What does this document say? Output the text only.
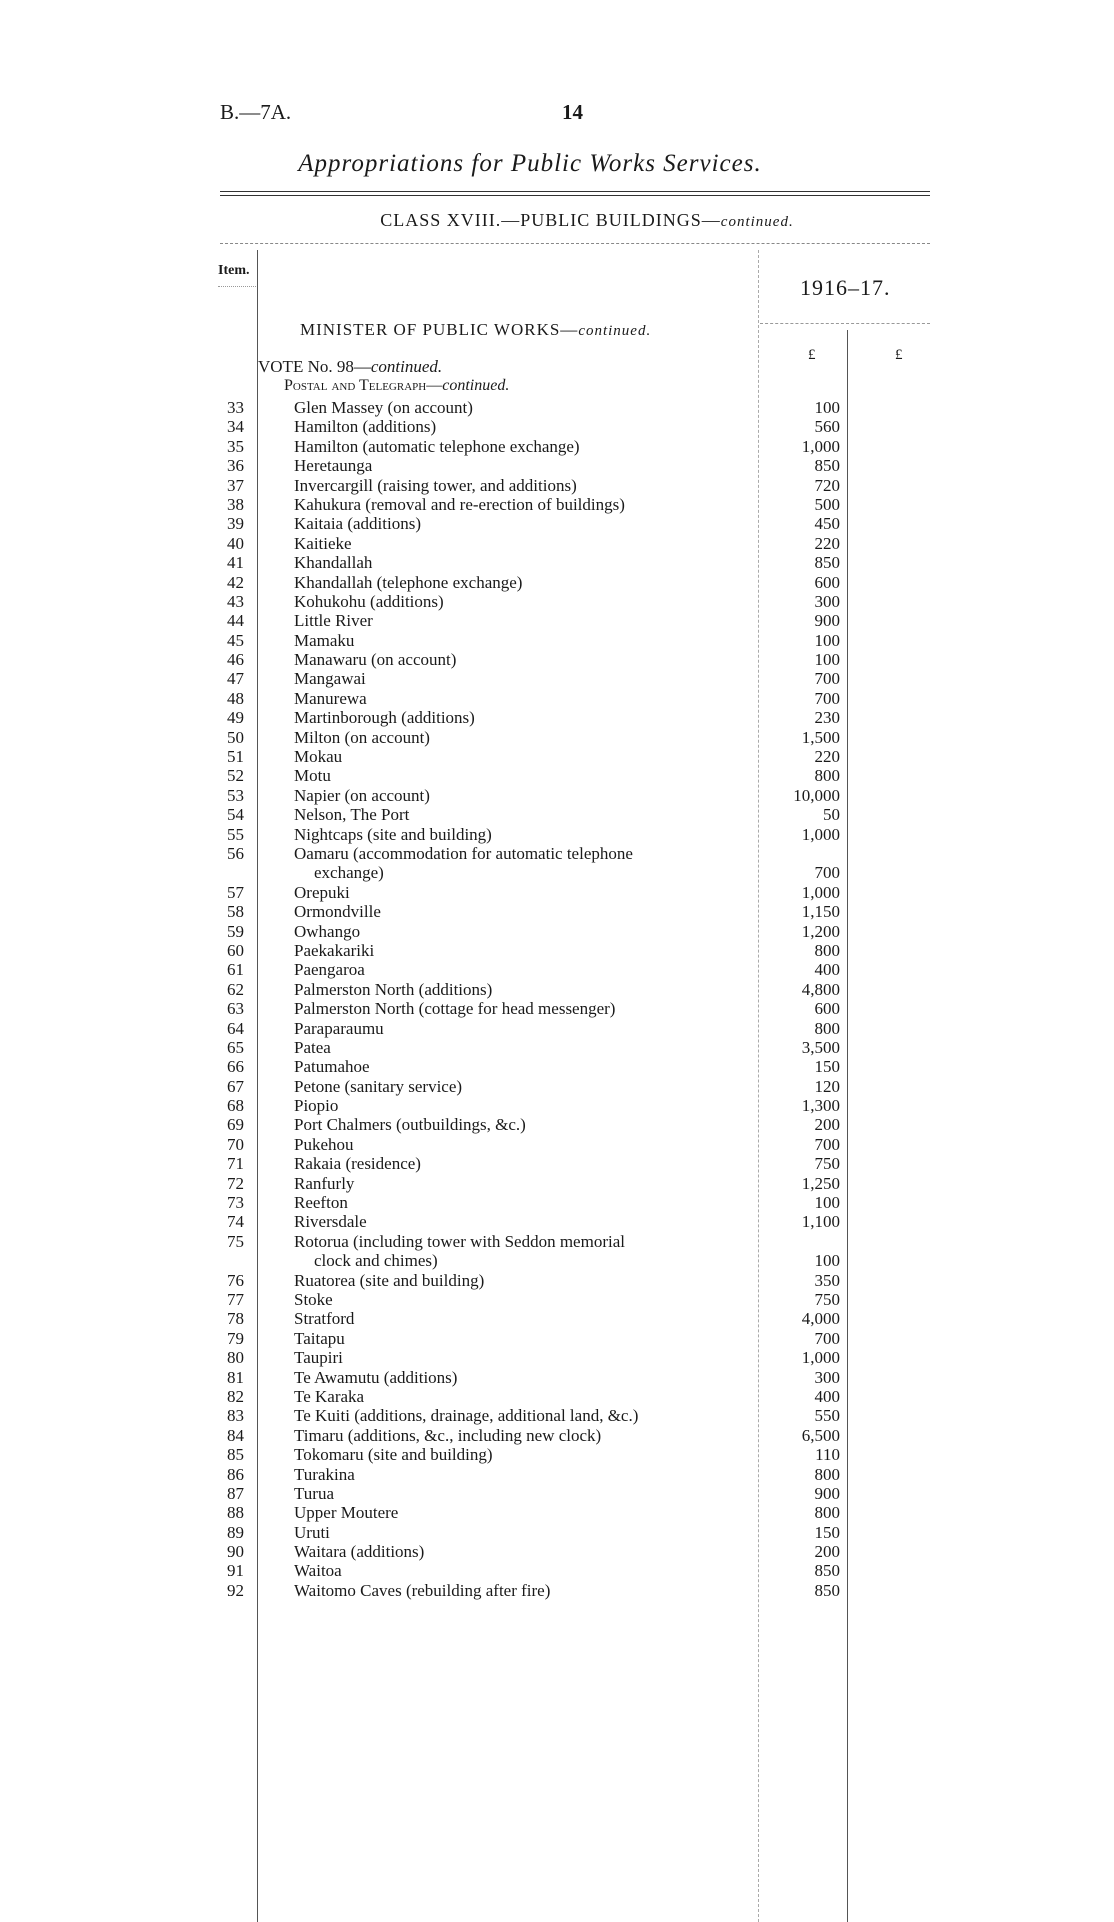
B.—7A.	14
Appropriations for Public Works Services.
CLASS XVIII.—PUBLIC BUILDINGS—continued.
Item.
1916–17.
MINISTER OF PUBLIC WORKS—continued.
£	£
VOTE No. 98—continued.
Postal and Telegraph—continued.
33	Glen Massey (on account)	100
34	Hamilton (additions)	560
35	Hamilton (automatic telephone exchange)	1,000
36	Heretaunga	850
37	Invercargill (raising tower, and additions)	720
38	Kahukura (removal and re-erection of buildings)	500
39	Kaitaia (additions)	450
40	Kaitieke	220
41	Khandallah	850
42	Khandallah (telephone exchange)	600
43	Kohukohu (additions)	300
44	Little River	900
45	Mamaku	100
46	Manawaru (on account)	100
47	Mangawai	700
48	Manurewa	700
49	Martinborough (additions)	230
50	Milton (on account)	1,500
51	Mokau	220
52	Motu	800
53	Napier (on account)	10,000
54	Nelson, The Port	50
55	Nightcaps (site and building)	1,000
56	Oamaru (accommodation for automatic telephone
exchange)	700
57	Orepuki	1,000
58	Ormondville	1,150
59	Owhango	1,200
60	Paekakariki	800
61	Paengaroa	400
62	Palmerston North (additions)	4,800
63	Palmerston North (cottage for head messenger)	600
64	Paraparaumu	800
65	Patea	3,500
66	Patumahoe	150
67	Petone (sanitary service)	120
68	Piopio	1,300
69	Port Chalmers (outbuildings, &c.)	200
70	Pukehou	700
71	Rakaia (residence)	750
72	Ranfurly	1,250
73	Reefton	100
74	Riversdale	1,100
75	Rotorua (including tower with Seddon memorial
clock and chimes)	100
76	Ruatorea (site and building)	350
77	Stoke	750
78	Stratford	4,000
79	Taitapu	700
80	Taupiri	1,000
81	Te Awamutu (additions)	300
82	Te Karaka	400
83	Te Kuiti (additions, drainage, additional land, &c.)	550
84	Timaru (additions, &c., including new clock)	6,500
85	Tokomaru (site and building)	110
86	Turakina	800
87	Turua	900
88	Upper Moutere	800
89	Uruti	150
90	Waitara (additions)	200
91	Waitoa	850
92	Waitomo Caves (rebuilding after fire)	850
